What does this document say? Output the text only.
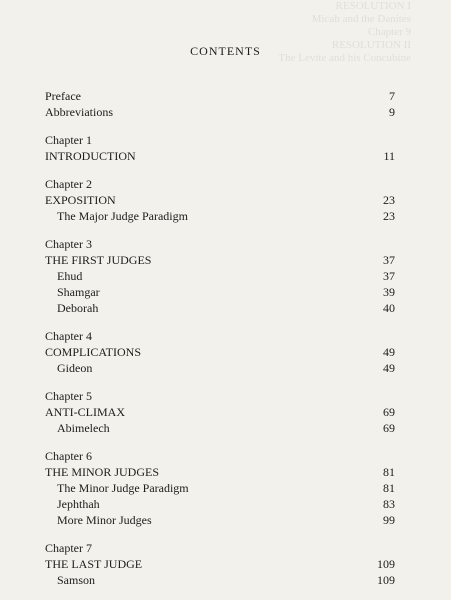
RESOLUTION I
Micah and the Danites
Chapter 9
RESOLUTION II
The Levite and his Concubine
CONTENTS
Preface	7
Abbreviations	9
Chapter 1
INTRODUCTION	11
Chapter 2
EXPOSITION	23
The Major Judge Paradigm	23
Chapter 3
THE FIRST JUDGES	37
Ehud	37
Shamgar	39
Deborah	40
Chapter 4
COMPLICATIONS	49
Gideon	49
Chapter 5
ANTI-CLIMAX	69
Abimelech	69
Chapter 6
THE MINOR JUDGES	81
The Minor Judge Paradigm	81
Jephthah	83
More Minor Judges	99
Chapter 7
THE LAST JUDGE	109
Samson	109
